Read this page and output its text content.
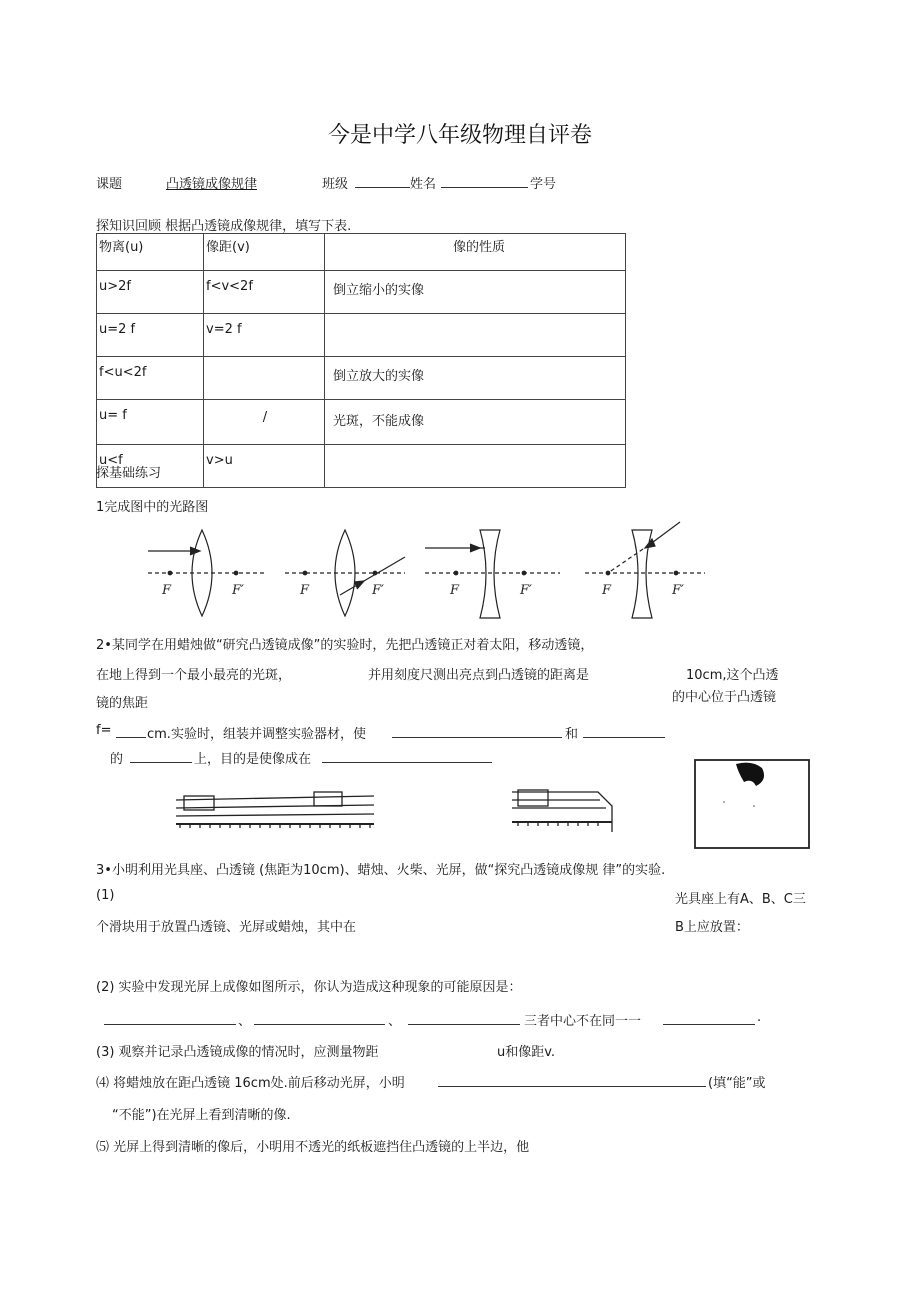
今是中学八年级物理自评卷
课题	凸透镜成像规律	班级	姓名	学号
探知识回顾 根据凸透镜成像规律，填写下表.
物离(u)	像距(v)	像的性质
u>2f	f<v<2f	倒立缩小的实像
u=2 f	v=2 f	
f<u<2f		倒立放大的实像
u= f	/	光斑，不能成像
u<f	v>u	
探基础练习
1完成图中的光路图
F	F′	F	F′	F	F′	F	F′
2•某同学在用蜡烛做“研究凸透镜成像”的实验时，先把凸透镜正对着太阳，移动透镜，
在地上得到一个最小最亮的光斑，	并用刻度尺测出亮点到凸透镜的距离是	10cm,这个凸透
镜的焦距	的中心位于凸透镜
f=	cm.实验时，组装并调整实验器材，使	和
的	上，目的是使像成在
3•小明利用光具座、凸透镜 (焦距为10cm)、蜡烛、火柴、光屏，做“探究凸透镜成像规 律”的实验.
(1)	光具座上有A、B、C三
个滑块用于放置凸透镜、光屏或蜡烛，其中在	B上应放置：
(2) 实验中发现光屏上成像如图所示，你认为造成这种现象的可能原因是：
、	、	三者中心不在同一一	.
(3) 观察并记录凸透镜成像的情况时，应测量物距	u和像距v.
⑷ 将蜡烛放在距凸透镜 16cm处.前后移动光屏，小明	(填“能”或
“不能”)在光屏上看到清晰的像.
⑸ 光屏上得到清晰的像后，小明用不透光的纸板遮挡住凸透镜的上半边，他
